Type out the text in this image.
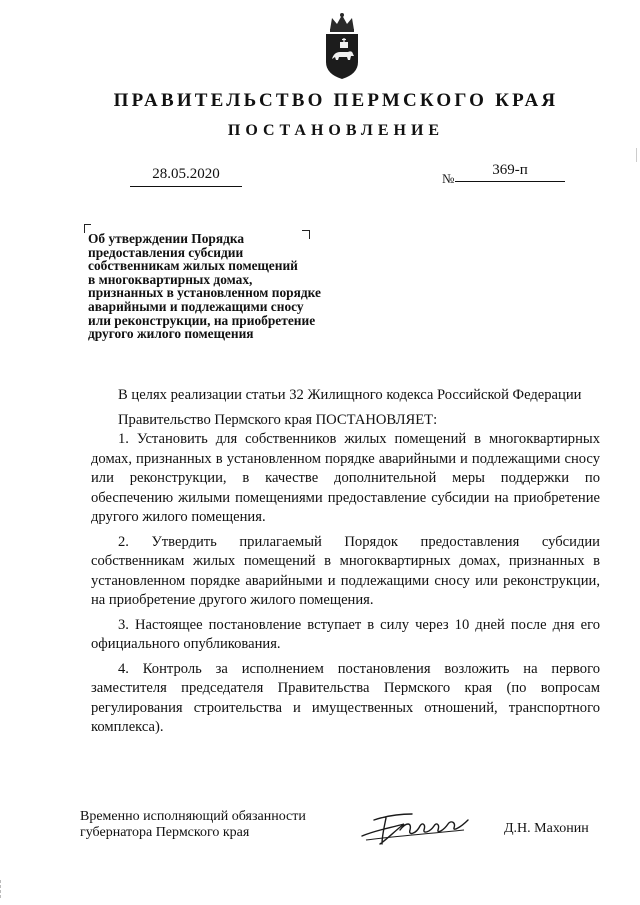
ПРАВИТЕЛЬСТВО ПЕРМСКОГО КРАЯ
ПОСТАНОВЛЕНИЕ
28.05.2020	№
369-п
Об утверждении Порядка
предоставления субсидии
собственникам жилых помещений
в многоквартирных домах,
признанных в установленном порядке
аварийными и подлежащими сносу
или реконструкции, на приобретение
другого жилого помещения

В целях реализации статьи 32 Жилищного кодекса Российской Федерации

Правительство Пермского края ПОСТАНОВЛЯЕТ:

1. Установить для собственников жилых помещений в многоквартирных домах, признанных в установленном порядке аварийными и подлежащими сносу или реконструкции, в качестве дополнительной меры поддержки по обеспечению жилыми помещениями предоставление субсидии на приобретение другого жилого помещения.

2. Утвердить прилагаемый Порядок предоставления субсидии собственникам жилых помещений в многоквартирных домах, признанных в установленном порядке аварийными и подлежащими сносу или реконструкции, на приобретение другого жилого помещения.

3. Настоящее постановление вступает в силу через 10 дней после дня его официального опубликования.

4. Контроль за исполнением постановления возложить на первого заместителя председателя Правительства Пермского края (по вопросам регулирования строительства и имущественных отношений, транспортного комплекса).

Временно исполняющий обязанности
губернатора Пермского края	Д.Н. Махонин
